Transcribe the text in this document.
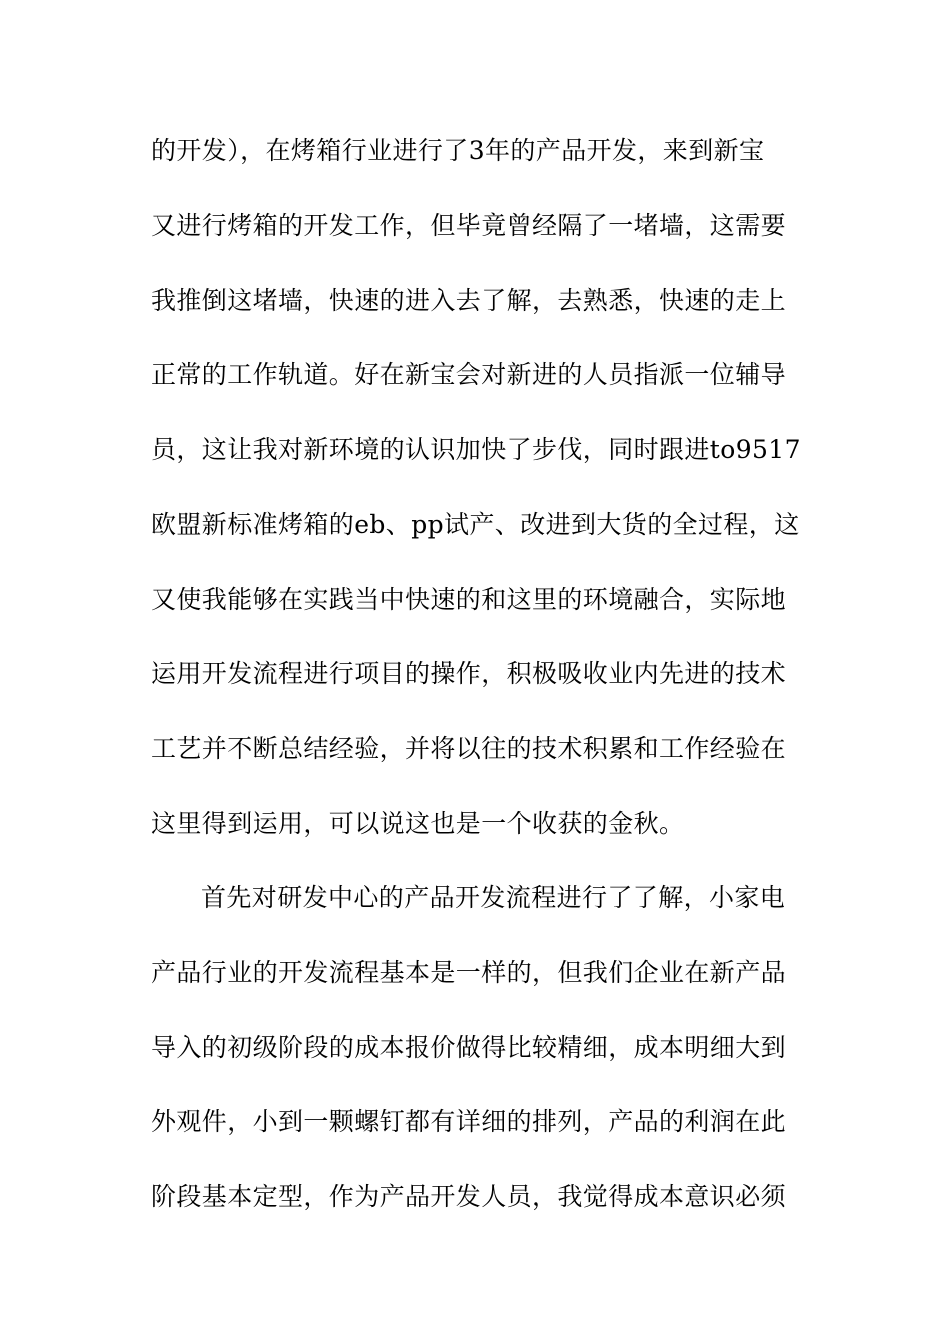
的开发），在烤箱行业进行了3年的产品开发，来到新宝
又进行烤箱的开发工作，但毕竟曾经隔了一堵墙，这需要
我推倒这堵墙，快速的进入去了解，去熟悉，快速的走上
正常的工作轨道。好在新宝会对新进的人员指派一位辅导
员，这让我对新环境的认识加快了步伐，同时跟进to9517
欧盟新标准烤箱的eb、pp试产、改进到大货的全过程，这
又使我能够在实践当中快速的和这里的环境融合，实际地
运用开发流程进行项目的操作，积极吸收业内先进的技术
工艺并不断总结经验，并将以往的技术积累和工作经验在
这里得到运用，可以说这也是一个收获的金秋。
首先对研发中心的产品开发流程进行了了解，小家电
产品行业的开发流程基本是一样的，但我们企业在新产品
导入的初级阶段的成本报价做得比较精细，成本明细大到
外观件，小到一颗螺钉都有详细的排列，产品的利润在此
阶段基本定型，作为产品开发人员，我觉得成本意识必须
